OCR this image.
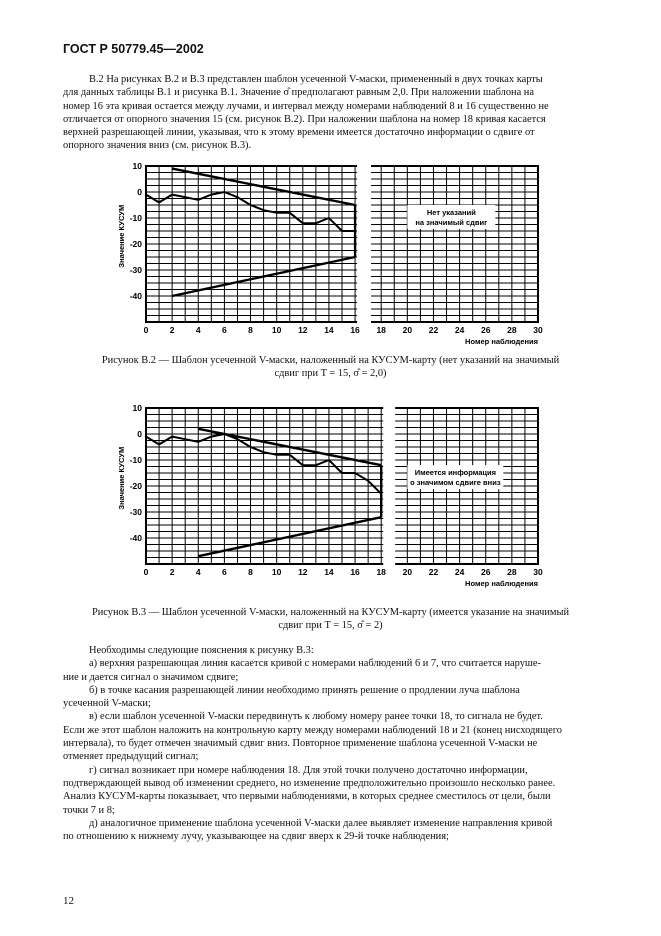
ГОСТ Р 50779.45—2002

В.2 На рисунках В.2 и В.3 представлен шаблон усеченной V-маски, примененный в двух точках карты

для данных таблицы В.1 и рисунка В.1. Значение σ̂ предполагают равным 2,0. При наложении шаблона на

номер 16 эта кривая остается между лучами, и интервал между номерами наблюдений 8 и 16 существенно не

отличается от опорного значения 15 (см. рисунок В.2). При наложении шаблона на номер 18 кривая касается

верхней разрешающей линии, указывая, что к этому времени имеется достаточно информации о сдвиге от

опорного значения вниз (см. рисунок В.3).

0	2	4	6	8 10 12 14 16 18 20 22 24 26 28 30
10
0
-10
-20
-30
-40
Номер наблюдения
Значение КУСУМ	Нет указаний
на значимый сдвиг
Рисунок В.2 — Шаблон усеченной V-маски, наложенный на КУСУМ-карту (нет указаний на значимый
сдвиг при T = 15, σ̂ = 2,0)
0	2	4	6	8 10 12 14 16 18 20 22 24 26 28 30
10
0
-10
-20
-30
-40
Номер наблюдения
Значение КУСУМ	Имеется информация
о значимом сдвиге вниз
Рисунок В.3 — Шаблон усеченной V-маски, наложенный на КУСУМ-карту (имеется указание на значимый
сдвиг при T = 15, σ̂ = 2)

Необходимы следующие пояснения к рисунку В.3:

а) верхняя разрешающая линия касается кривой с номерами наблюдений 6 и 7, что считается наруше-

ние и дается сигнал о значимом сдвиге;

б) в точке касания разрешающей линии необходимо принять решение о продлении луча шаблона

усеченной V-маски;

в) если шаблон усеченной V-маски передвинуть к любому номеру ранее точки 18, то сигнала не будет.

Если же этот шаблон наложить на контрольную карту между номерами наблюдений 18 и 21 (конец нисходящего

интервала), то будет отмечен значимый сдвиг вниз. Повторное применение шаблона усеченной V-маски не

отменяет предыдущий сигнал;

г) сигнал возникает при номере наблюдения 18. Для этой точки получено достаточно информации,

подтверждающей вывод об изменении среднего, но изменение предположительно произошло несколько ранее.

Анализ КУСУМ-карты показывает, что первыми наблюдениями, в которых среднее сместилось от цели, были

точки 7 и 8;

д) аналогичное применение шаблона усеченной V-маски далее выявляет изменение направления кривой

по отношению к нижнему лучу, указывающее на сдвиг вверх к 29-й точке наблюдения;

12
